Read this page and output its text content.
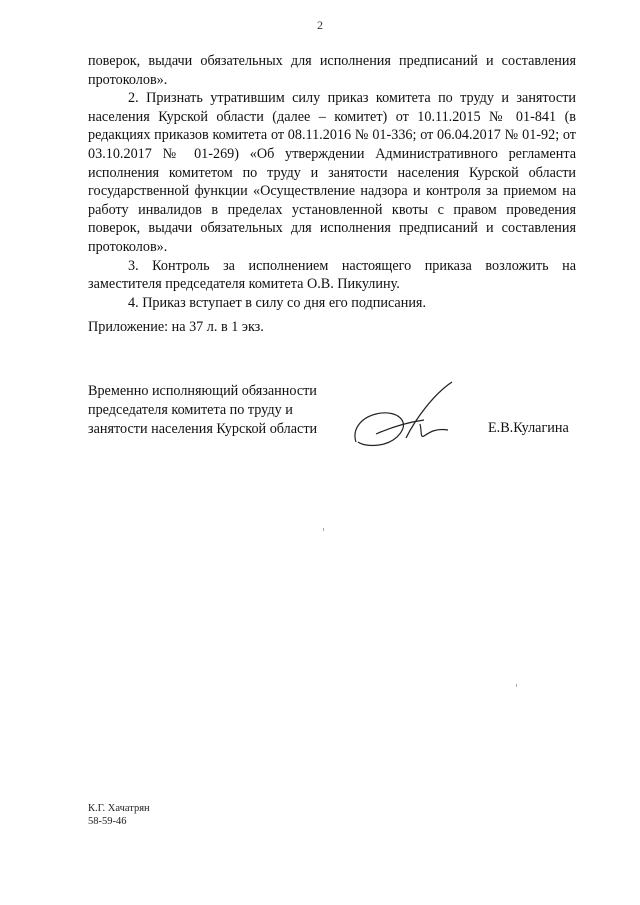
2

поверок, выдачи обязательных для исполнения предписаний и составления протоколов».

2. Признать утратившим силу приказ комитета по труду и занятости населения Курской области (далее – комитет) от 10.11.2015 № 01-841 (в редакциях приказов комитета от 08.11.2016 № 01-336; от 06.04.2017 № 01-92; от 03.10.2017 № 01-269) «Об утверждении Административного регламента исполнения комитетом по труду и занятости населения Курской области государственной функции «Осуществление надзора и контроля за приемом на работу инвалидов в пределах установленной квоты с правом проведения поверок, выдачи обязательных для исполнения предписаний и составления протоколов».

3. Контроль за исполнением настоящего приказа возложить на заместителя председателя комитета О.В. Пикулину.

4. Приказ вступает в силу со дня его подписания.

Приложение: на 37 л. в 1 экз.
Временно исполняющий обязанности
председателя комитета по труду и
занятости населения Курской области	Е.В.Кулагина
К.Г. Хачатрян
58-59-46
